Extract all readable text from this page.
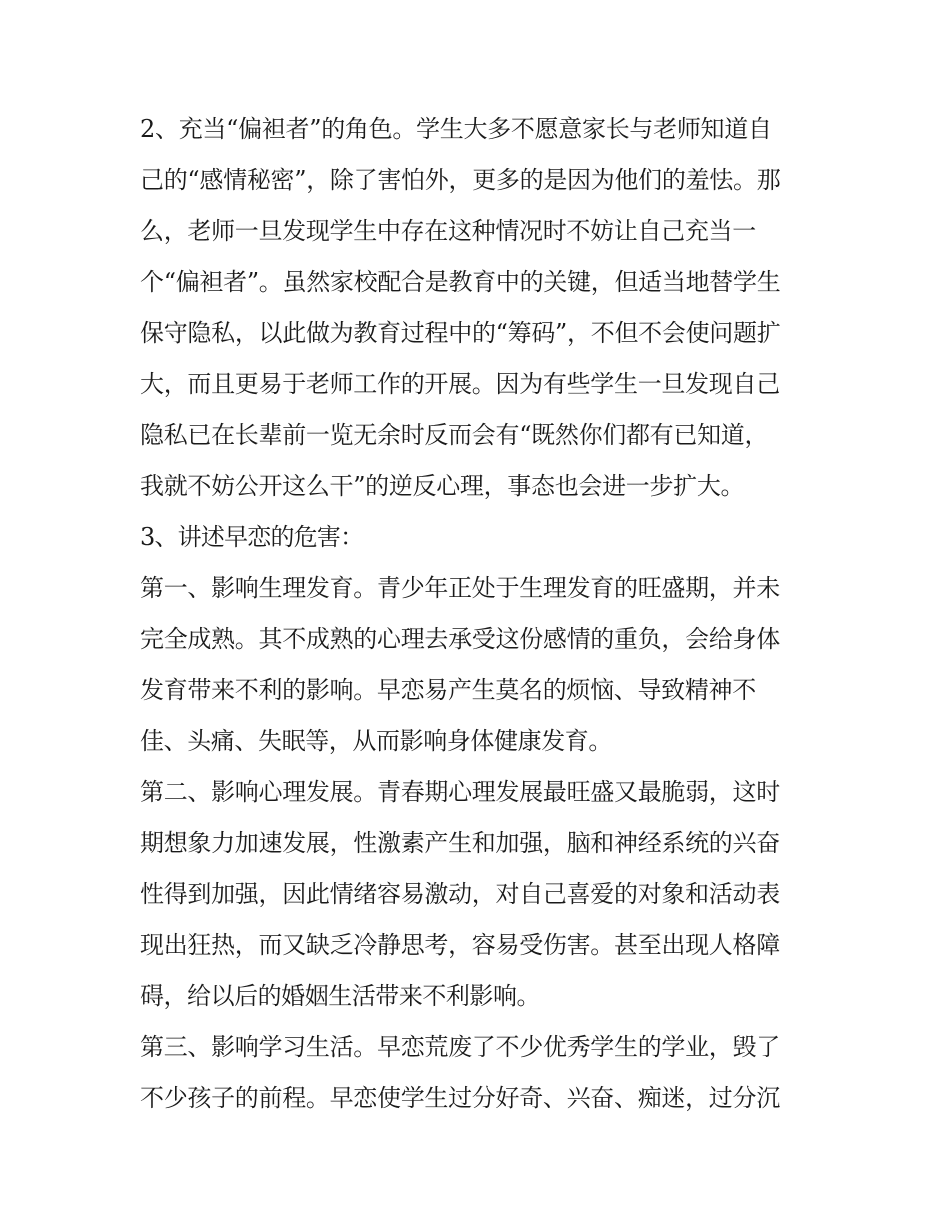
2、充当“偏袒者”的角色。学生大多不愿意家长与老师知道自
己的“感情秘密”，除了害怕外，更多的是因为他们的羞怯。那
么，老师一旦发现学生中存在这种情况时不妨让自己充当一
个“偏袒者”。虽然家校配合是教育中的关键，但适当地替学生
保守隐私，以此做为教育过程中的“筹码”，不但不会使问题扩
大，而且更易于老师工作的开展。因为有些学生一旦发现自己
隐私已在长辈前一览无余时反而会有“既然你们都有已知道，
我就不妨公开这么干”的逆反心理，事态也会进一步扩大。
3、讲述早恋的危害：
第一、影响生理发育。青少年正处于生理发育的旺盛期，并未
完全成熟。其不成熟的心理去承受这份感情的重负，会给身体
发育带来不利的影响。早恋易产生莫名的烦恼、导致精神不
佳、头痛、失眠等，从而影响身体健康发育。
第二、影响心理发展。青春期心理发展最旺盛又最脆弱，这时
期想象力加速发展，性激素产生和加强，脑和神经系统的兴奋
性得到加强，因此情绪容易激动，对自己喜爱的对象和活动表
现出狂热，而又缺乏冷静思考，容易受伤害。甚至出现人格障
碍，给以后的婚姻生活带来不利影响。
第三、影响学习生活。早恋荒废了不少优秀学生的学业，毁了
不少孩子的前程。早恋使学生过分好奇、兴奋、痴迷，过分沉
